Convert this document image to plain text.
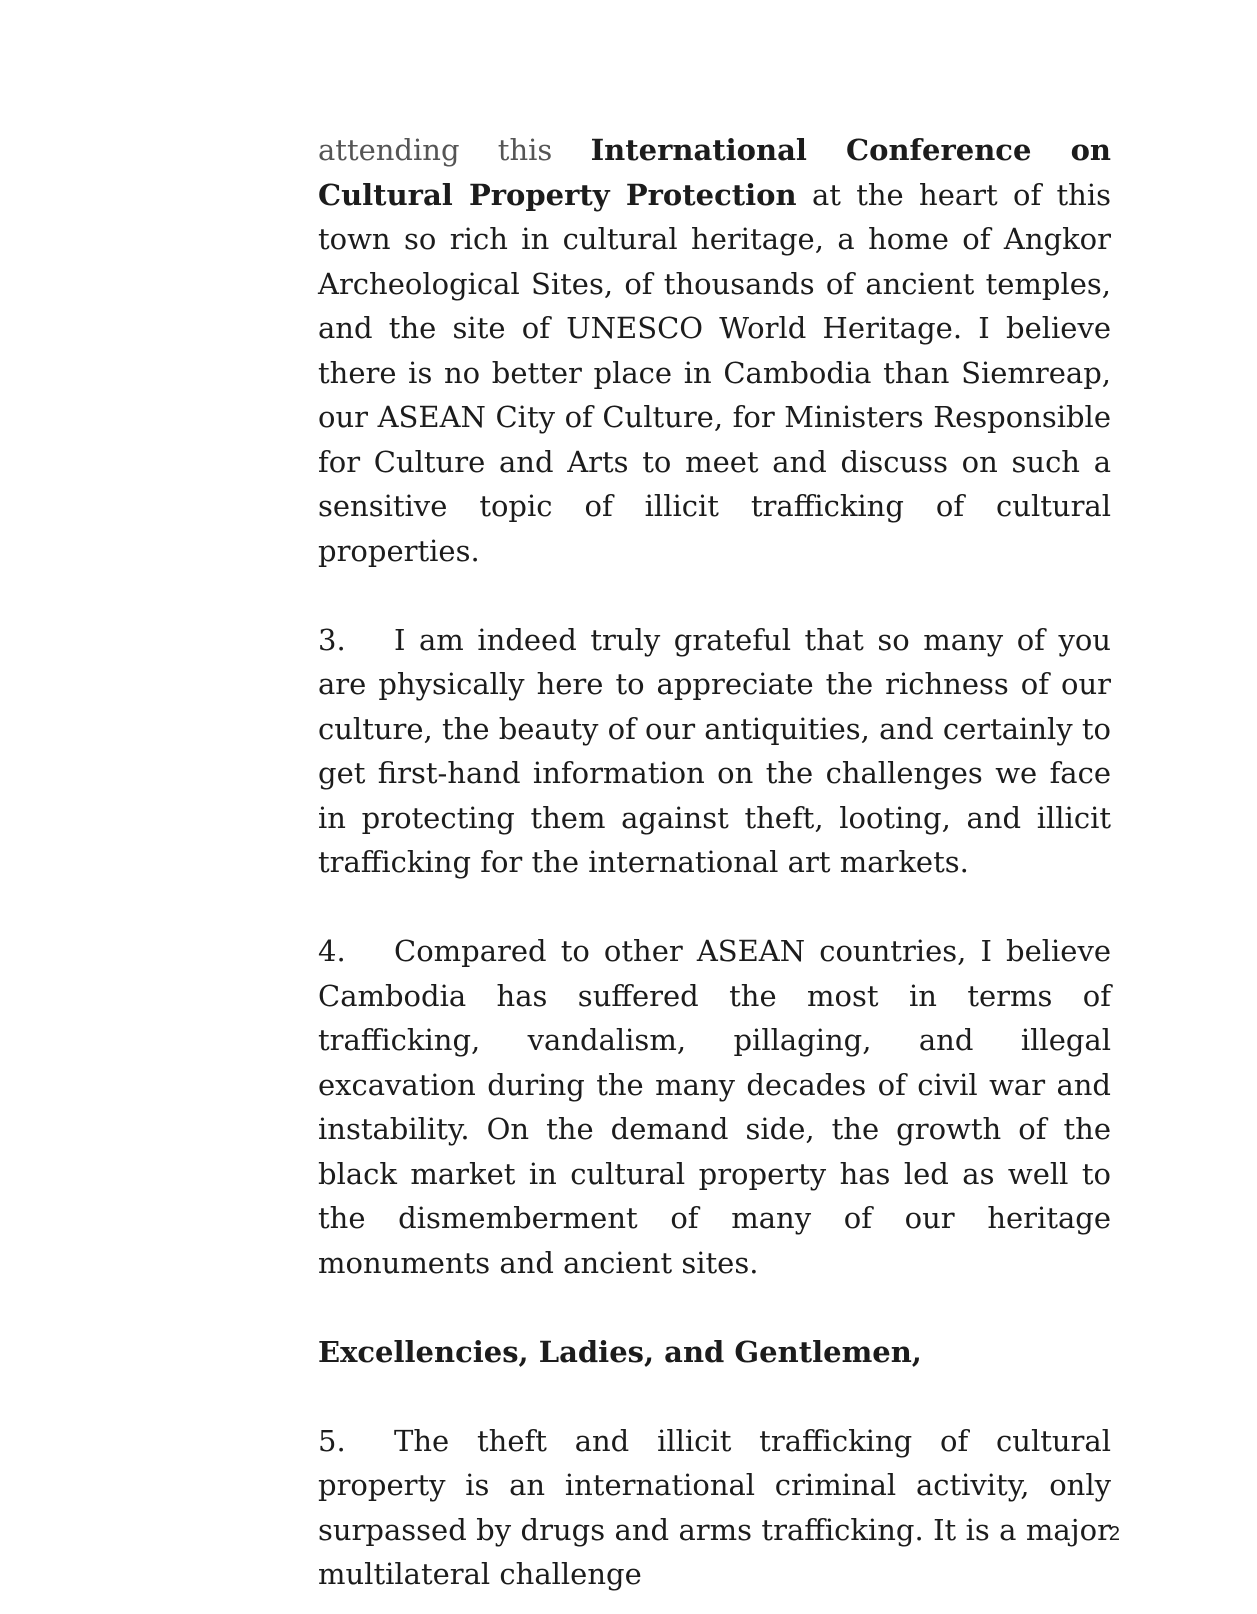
attending this International Conference on Cultural Property Protection at the heart of this town so rich in cultural heritage, a home of Angkor Archeological Sites, of thousands of ancient temples, and the site of UNESCO World Heritage. I believe there is no better place in Cambodia than Siemreap, our ASEAN City of Culture, for Ministers Responsible for Culture and Arts to meet and discuss on such a sensitive topic of illicit trafficking of cultural properties.

3. I am indeed truly grateful that so many of you are physically here to appreciate the richness of our culture, the beauty of our antiquities, and certainly to get first-hand information on the challenges we face in protecting them against theft, looting, and illicit trafficking for the international art markets.

4. Compared to other ASEAN countries, I believe Cambodia has suffered the most in terms of trafficking, vandalism, pillaging, and illegal excavation during the many decades of civil war and instability. On the demand side, the growth of the black market in cultural property has led as well to the dismemberment of many of our heritage monuments and ancient sites.

Excellencies, Ladies, and Gentlemen,

5. The theft and illicit trafficking of cultural property is an international criminal activity, only surpassed by drugs and arms trafficking. It is a major multilateral challenge

2
